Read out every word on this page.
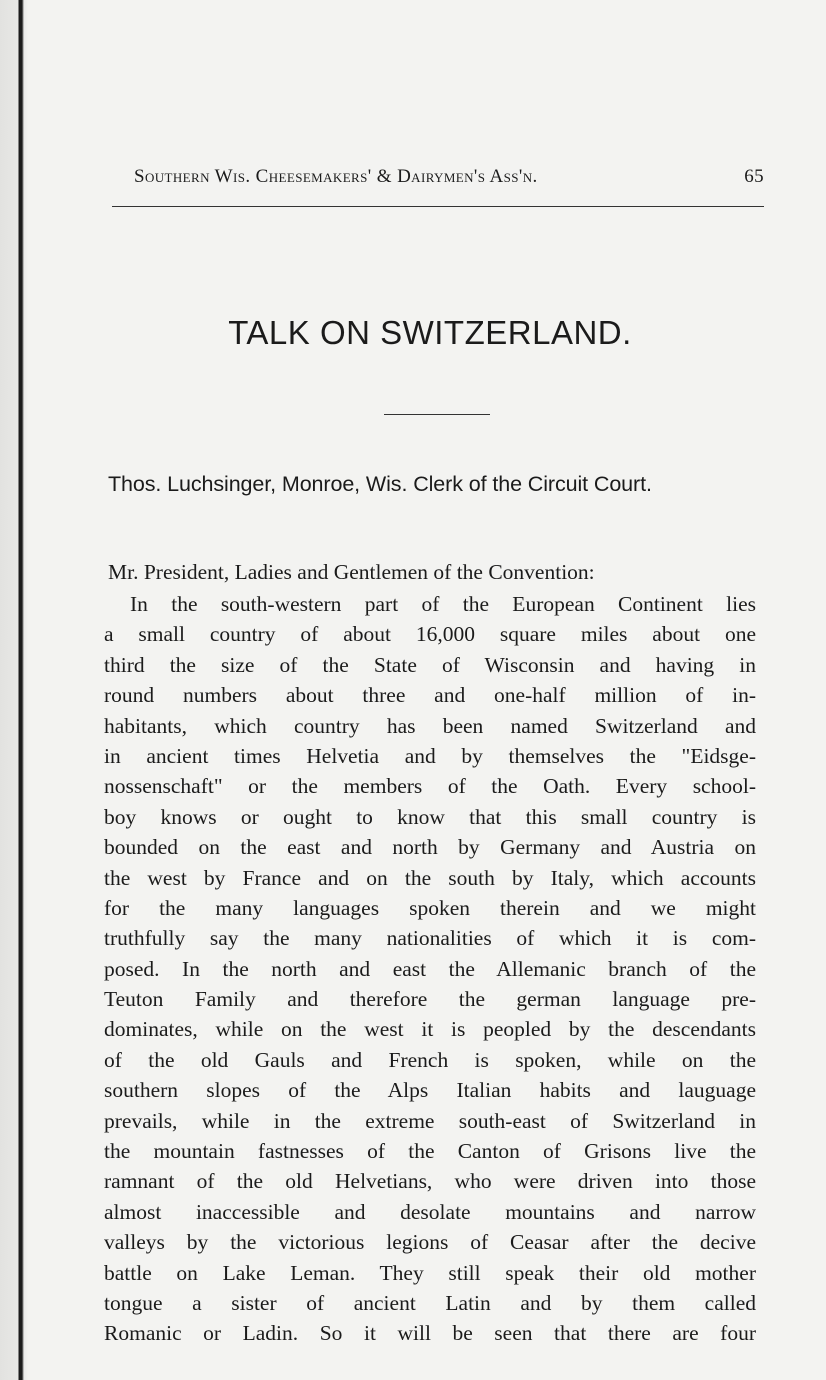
Southern Wis. Cheesemakers' & Dairymen's Ass'n.	65
TALK ON SWITZERLAND.
Thos. Luchsinger, Monroe, Wis. Clerk of the Circuit Court.
Mr. President, Ladies and Gentlemen of the Convention:
In the south-western part of the European Continent lies
a small country of about 16,000 square miles about one
third the size of the State of Wisconsin and having in
round numbers about three and one-half million of in-
habitants, which country has been named Switzerland and
in ancient times Helvetia and by themselves the "Eidsge-
nossenschaft" or the members of the Oath. Every school-
boy knows or ought to know that this small country is
bounded on the east and north by Germany and Austria on
the west by France and on the south by Italy, which accounts
for the many languages spoken therein and we might
truthfully say the many nationalities of which it is com-
posed. In the north and east the Allemanic branch of the
Teuton Family and therefore the german language pre-
dominates, while on the west it is peopled by the descendants
of the old Gauls and French is spoken, while on the
southern slopes of the Alps Italian habits and lauguage
prevails, while in the extreme south-east of Switzerland in
the mountain fastnesses of the Canton of Grisons live the
ramnant of the old Helvetians, who were driven into those
almost inaccessible and desolate mountains and narrow
valleys by the victorious legions of Ceasar after the decive
battle on Lake Leman. They still speak their old mother
tongue a sister of ancient Latin and by them called
Romanic or Ladin. So it will be seen that there are four
